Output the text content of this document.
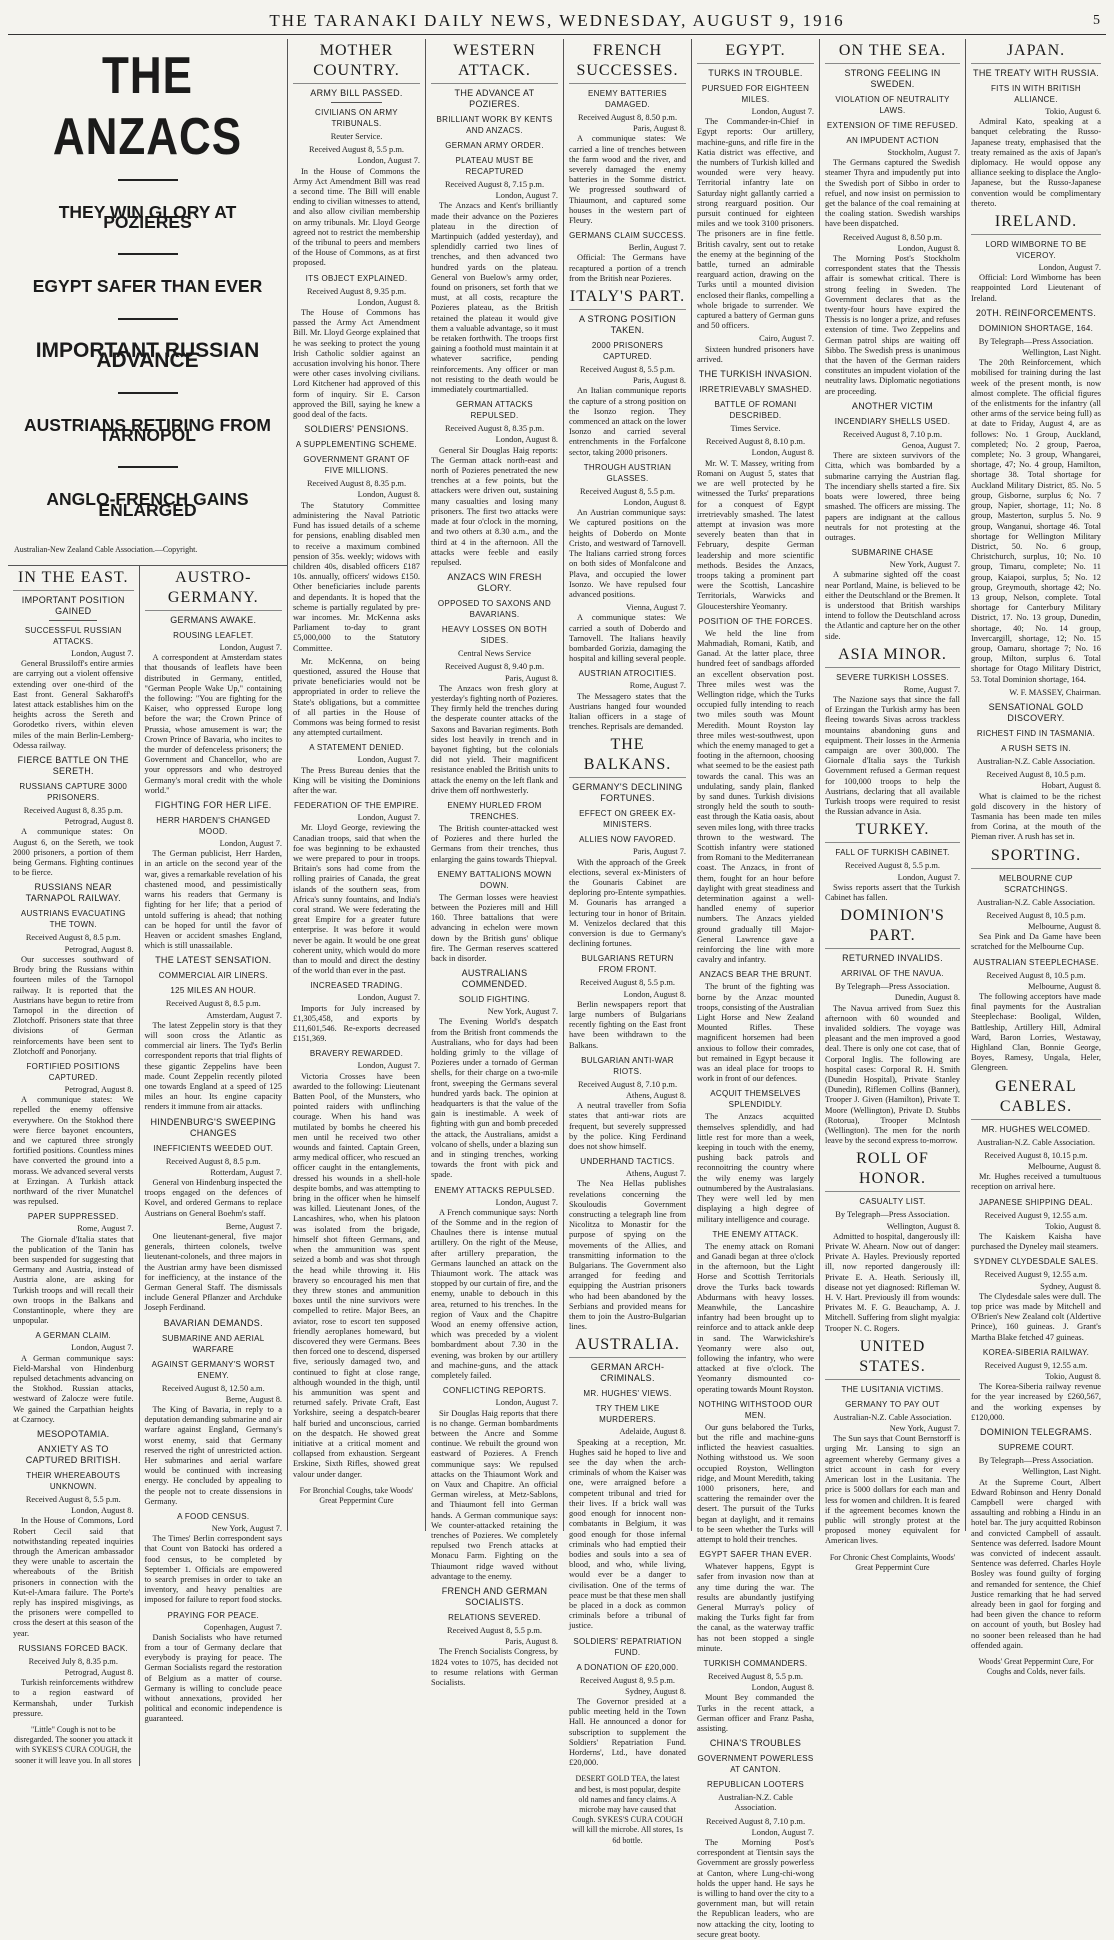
THE TARANAKI DAILY NEWS, WEDNESDAY, AUGUST 9, 1916	5
THE ANZACS
THEY WIN GLORY AT POZIERES
EGYPT SAFER THAN EVER
IMPORTANT RUSSIAN ADVANCE
AUSTRIANS RETIRING FROM TARNOPOL
ANGLO-FRENCH GAINS ENLARGED
Australian-New Zealand Cable Association.—Copyright.
IN THE EAST.
IMPORTANT POSITION GAINED
SUCCESSFUL RUSSIAN ATTACKS.
London, August 7.

General Brussiloff's entire armies are carrying out a violent offensive extending over one-third of the East front. General Sakharoff's latest attack establishes him on the heights across the Sereth and Gorodetko rivers, within eleven miles of the main Berlin-Lemberg-Odessa railway.

FIERCE BATTLE ON THE SERETH.
RUSSIANS CAPTURE 3000 PRISONERS.
Received August 8, 8.35 p.m.
Petrograd, August 8.

A communique states: On August 6, on the Sereth, we took 2000 prisoners, a portion of them being Germans. Fighting continues to be fierce.

RUSSIANS NEAR TARNAPOL RAILWAY.
AUSTRIANS EVACUATING THE TOWN.
Received August 8, 8.5 p.m.
Petrograd, August 8.

Our successes southward of Brody bring the Russians within fourteen miles of the Tarnopol railway. It is reported that the Austrians have begun to retire from Tarnopol in the direction of Zlotchoff. Prisoners state that three divisions of German reinforcements have been sent to Zlotchoff and Ponorjany.

FORTIFIED POSITIONS CAPTURED.
Petrograd, August 8.

A communique states: We repelled the enemy offensive everywhere. On the Stokhod there were fierce bayonet encounters, and we captured three strongly fortified positions. Countless mines have converted the ground into a morass. We advanced several versts at Erzingan. A Turkish attack northward of the river Munatchel was repulsed.

PAPER SUPPRESSED.
Rome, August 7.

The Giornale d'Italia states that the publication of the Tanin has been suspended for suggesting that Germany and Austria, instead of Austria alone, are asking for Turkish troops and will recall their own troops in the Balkans and Constantinople, where they are unpopular.

A GERMAN CLAIM.
London, August 7.

A German communique says: Field-Marshal von Hindenburg repulsed detachments advancing on the Stokhod. Russian attacks, westward of Zalocze were futile. We gained the Carpathian heights at Czarnocy.

MESOPOTAMIA.
ANXIETY AS TO CAPTURED BRITISH.
THEIR WHEREABOUTS UNKNOWN.
Received August 8, 5.5 p.m.
London, August 8.

In the House of Commons, Lord Robert Cecil said that notwithstanding repeated inquiries through the American ambassador they were unable to ascertain the whereabouts of the British prisoners in connection with the Kut-el-Amara failure. The Porte's reply has inspired misgivings, as the prisoners were compelled to cross the desert at this season of the year.

RUSSIANS FORCED BACK.
Received July 8, 8.35 p.m.
Petrograd, August 8.

Turkish reinforcements withdrew to a region eastward of Kermanshah, under Turkish pressure.

"Little" Cough is not to be disregarded. The sooner you attack it with SYKES'S CURA COUGH, the sooner it will leave you. In all stores
AUSTRO-GERMANY.
GERMANS AWAKE.
ROUSING LEAFLET.
London, August 7.

A correspondent at Amsterdam states that thousands of leaflets have been distributed in Germany, entitled, "German People Wake Up," containing the following: "You are fighting for the Kaiser, who oppressed Europe long before the war; the Crown Prince of Prussia, whose amusement is war; the Crown Prince of Bavaria, who incites to the murder of defenceless prisoners; the Government and Chancellor, who are your oppressors and who destroyed Germany's moral credit with the whole world."

FIGHTING FOR HER LIFE.
HERR HARDEN'S CHANGED MOOD.
London, August 7.

The German publicist, Herr Harden, in an article on the second year of the war, gives a remarkable revelation of his chastened mood, and pessimistically warns his readers that Germany is fighting for her life; that a period of untold suffering is ahead; that nothing can be hoped for until the favor of Heaven or accident smashes England, which is still unassailable.

THE LATEST SENSATION.
COMMERCIAL AIR LINERS.
125 MILES AN HOUR.
Received August 8, 8.5 p.m.
Amsterdam, August 7.

The latest Zeppelin story is that they will soon cross the Atlantic as commercial air liners. The Tyd's Berlin correspondent reports that trial flights of these gigantic Zeppelins have been made. Count Zeppelin recently piloted one towards England at a speed of 125 miles an hour. Its engine capacity renders it immune from air attacks.

HINDENBURG'S SWEEPING CHANGES
INEFFICIENTS WEEDED OUT.
Received August 8, 8.5 p.m.
Rotterdam, August 7.

General von Hindenburg inspected the troops engaged on the defences of Kovel, and ordered Germans to replace Austrians on General Boehm's staff.

Berne, August 7.

One lieutenant-general, five major generals, thirteen colonels, twelve lieutenant-colonels, and three majors in the Austrian army have been dismissed for inefficiency, at the instance of the German General Staff. The dismissals include General Pflanzer and Archduke Joseph Ferdinand.

BAVARIAN DEMANDS.
SUBMARINE AND AERIAL WARFARE
AGAINST GERMANY'S WORST ENEMY.
Received August 8, 12.50 a.m.
Berne, August 8.

The King of Bavaria, in reply to a deputation demanding submarine and air warfare against England, Germany's worst enemy, said that Germany reserved the right of unrestricted action. Her submarines and aerial warfare would be continued with increasing energy. He concluded by appealing to the people not to create dissensions in Germany.

A FOOD CENSUS.
New York, August 7.

The Times' Berlin correspondent says that Count von Batocki has ordered a food census, to be completed by September 1. Officials are empowered to search premises in order to take an inventory, and heavy penalties are imposed for failure to report food stocks.

PRAYING FOR PEACE.
Copenhagen, August 7.

Danish Socialists who have returned from a tour of Germany declare that everybody is praying for peace. The German Socialists regard the restoration of Belgium as a matter of course. Germany is willing to conclude peace without annexations, provided her political and economic independence is guaranteed.

MOTHER COUNTRY.
ARMY BILL PASSED.
CIVILIANS ON ARMY TRIBUNALS.
Reuter Service.
Received August 8, 5.5 p.m.
London, August 7.

In the House of Commons the Army Act Amendment Bill was read a second time. The Bill will enable ending to civilian witnesses to attend, and also allow civilian membership on army tribunals. Mr. Lloyd George agreed not to restrict the membership of the tribunal to peers and members of the House of Commons, as at first proposed.

ITS OBJECT EXPLAINED.
Received August 8, 9.35 p.m.
London, August 8.

The House of Commons has passed the Army Act Amendment Bill. Mr. Lloyd George explained that he was seeking to protect the young Irish Catholic soldier against an accusation involving his honor. There were other cases involving civilians. Lord Kitchener had approved of this form of inquiry. Sir E. Carson approved the Bill, saying he knew a good deal of the facts.

SOLDIERS' PENSIONS.
A SUPPLEMENTING SCHEME.
GOVERNMENT GRANT OF FIVE MILLIONS.
Received August 8, 8.35 p.m.
London, August 8.

The Statutory Committee administering the Naval Patriotic Fund has issued details of a scheme for pensions, enabling disabled men to receive a maximum combined pension of 35s. weekly; widows with children 40s, disabled officers £187 10s. annually, officers' widows £150. Other beneficiaries include parents and dependants. It is hoped that the scheme is partially regulated by pre-war incomes. Mr. McKenna asks Parliament to-day to grant £5,000,000 to the Statutory Committee.

Mr. McKenna, on being questioned, assured the House that private beneficiaries would not be appropriated in order to relieve the State's obligations, but a committee of all parties in the House of Commons was being formed to resist any attempted curtailment.

A STATEMENT DENIED.
London, August 7.

The Press Bureau denies that the King will be visiting the Dominions after the war.

FEDERATION OF THE EMPIRE.
London, August 7.

Mr. Lloyd George, reviewing the Canadian troops, said that when the foe was beginning to be exhausted we were prepared to pour in troops. Britain's sons had come from the rolling prairies of Canada, the great islands of the southern seas, from Africa's sunny fountains, and India's coral strand. We were federating the great Empire for a greater future enterprise. It was before it would never be again. It would be one great coherent unity, which would do more than to mould and direct the destiny of the world than ever in the past.

INCREASED TRADING.
London, August 7.

Imports for July increased by £1,305,458, and exports by £11,601,546. Re-exports decreased £151,369.

BRAVERY REWARDED.
London, August 7.

Victoria Crosses have been awarded to the following: Lieutenant Batten Pool, of the Munsters, who pointed raiders with unflinching courage. When his hand was mutilated by bombs he cheered his men until he received two other wounds and fainted. Captain Green, army medical officer, who rescued an officer caught in the entanglements, dressed his wounds in a shell-hole despite bombs, and was attempting to bring in the officer when he himself was killed. Lieutenant Jones, of the Lancashires, who, when his platoon was isolated from the brigade, himself shot fifteen Germans, and when the ammunition was spent seized a bomb and was shot through the head while throwing it. His bravery so encouraged his men that they threw stones and ammunition boxes until the nine survivors were compelled to retire. Major Bees, an aviator, rose to escort ten supposed friendly aeroplanes homeward, but discovered they were Germans. Bees then forced one to descend, dispersed five, seriously damaged two, and continued to fight at close range, although wounded in the thigh, until his ammunition was spent and returned safely. Private Craft, East Yorkshire, seeing a despatch-bearer half buried and unconscious, carried on the despatch. He showed great initiative at a critical moment and collapsed from exhaustion. Sergeant Erskine, Sixth Rifles, showed great valour under danger.

For Bronchial Coughs, take Woods' Great Peppermint Cure
WESTERN ATTACK.
THE ADVANCE AT POZIERES.
BRILLIANT WORK BY KENTS AND ANZACS.
GERMAN ARMY ORDER.
PLATEAU MUST BE RECAPTURED
Received August 8, 7.15 p.m.
London, August 7.

The Anzacs and Kent's brilliantly made their advance on the Pozieres plateau in the direction of Martinpuich (added yesterday), and splendidly carried two lines of trenches, and then advanced two hundred yards on the plateau. General von Buelow's army order, found on prisoners, set forth that we must, at all costs, recapture the Pozieres plateau, as the British retained the plateau it would give them a valuable advantage, so it must be retaken forthwith. The troops first gaining a foothold must maintain it at whatever sacrifice, pending reinforcements. Any officer or man not resisting to the death would be immediately courtmartialled.

GERMAN ATTACKS REPULSED.
Received August 8, 8.35 p.m.
London, August 8.

General Sir Douglas Haig reports: The German attack north-east and north of Pozieres penetrated the new trenches at a few points, but the attackers were driven out, sustaining many casualties and losing many prisoners. The first two attacks were made at four o'clock in the morning, and two others at 8.30 a.m., and the third at 4 in the afternoon. All the attacks were feeble and easily repulsed.

ANZACS WIN FRESH GLORY.
OPPOSED TO SAXONS AND BAVARIANS.
HEAVY LOSSES ON BOTH SIDES.
Central News Service
Received August 8, 9.40 p.m.
Paris, August 8.

The Anzacs won fresh glory at yesterday's fighting north of Pozieres. They firmly held the trenches during the desperate counter attacks of the Saxons and Bavarian regiments. Both sides lost heavily in trench and in bayonet fighting, but the colonials did not yield. Their magnificent resistance enabled the British units to attack the enemy on the left flank and drive them off northwesterly.

ENEMY HURLED FROM TRENCHES.

The British counter-attacked west of Pozieres and there hurled the Germans from their trenches, thus enlarging the gains towards Thiepval.

ENEMY BATTALIONS MOWN DOWN.

The German losses were heaviest between the Pozieres mill and Hill 160. Three battalions that were advancing in echelon were mown down by the British guns' oblique fire. The German reserves scattered back in disorder.

AUSTRALIANS COMMENDED.
SOLID FIGHTING.
New York, August 7.

The Evening World's despatch from the British front commends the Australians, who for days had been holding grimly to the village of Pozieres under a tornado of German shells, for their charge on a two-mile front, sweeping the Germans several hundred yards back. The opinion at headquarters is that the value of the gain is inestimable. A week of fighting with gun and bomb preceded the attack, the Australians, amidst a volcano of shells, under a blazing sun and in stinging trenches, working towards the front with pick and spade.

ENEMY ATTACKS REPULSED.
London, August 7.

A French communique says: North of the Somme and in the region of Chaulnes there is intense mutual artillery. On the right of the Meuse, after artillery preparation, the Germans launched an attack on the Thiaumont work. The attack was stopped by our curtain of fire, and the enemy, unable to debouch in this area, returned to his trenches. In the region of Vaux and the Chapitre Wood an enemy offensive action, which was preceded by a violent bombardment about 7.30 in the evening, was broken by our artillery and machine-guns, and the attack completely failed.

CONFLICTING REPORTS.
London, August 7.

Sir Douglas Haig reports that there is no change. German bombardments between the Ancre and Somme continue. We rebuilt the ground won eastward of Pozieres. A French communique says: We repulsed attacks on the Thiaumont Work and on Vaux and Chapitre. An official German wireless, at Metz-Sablons, and Thiaumont fell into German hands. A German communique says: We counter-attacked retaining the trenches of Pozieres. We completely repulsed two French attacks at Monacu Farm. Fighting on the Thiaumont ridge waved without advantage to the enemy.

FRENCH AND GERMAN SOCIALISTS.
RELATIONS SEVERED.
Received August 8, 5.5 p.m.
Paris, August 8.

The French Socialists Congress, by 1824 votes to 1075, has decided not to resume relations with German Socialists.

FRENCH SUCCESSES.
ENEMY BATTERIES DAMAGED.
Received August 8, 8.50 p.m.
Paris, August 8.

A communique states: We carried a line of trenches between the farm wood and the river, and severely damaged the enemy batteries in the Somme district. We progressed southward of Thiaumont, and captured some houses in the western part of Fleury.

GERMANS CLAIM SUCCESS.
Berlin, August 7.

Official: The Germans have recaptured a portion of a trench from the British near Pozieres.

ITALY'S PART.
A STRONG POSITION TAKEN.
2000 PRISONERS CAPTURED.
Received August 8, 5.5 p.m.
Paris, August 8.

An Italian communique reports the capture of a strong position on the Isonzo region. They commenced an attack on the lower Isonzo and carried several entrenchments in the Forfalcone sector, taking 2000 prisoners.

THROUGH AUSTRIAN GLASSES.
Received August 8, 5.5 p.m.
London, August 8.

An Austrian communique says: We captured positions on the heights of Doberdo on Monte Cristo, and westward of Tarnovell. The Italians carried strong forces on both sides of Monfalcone and Plava, and occupied the lower Isonzo. We have repulsed four advanced positions.

Vienna, August 7.

A communique states: We carried a south of Doberdo and Tarnovell. The Italians heavily bombarded Gorizia, damaging the hospital and killing several people.

AUSTRIAN ATROCITIES.
Rome, August 7.

The Messagero states that the Austrians hanged four wounded Italian officers in a stage of trenches. Reprisals are demanded.

THE BALKANS.
GERMANY'S DECLINING FORTUNES.
EFFECT ON GREEK EX-MINISTERS.
ALLIES NOW FAVORED.
Paris, August 7.

With the approach of the Greek elections, several ex-Ministers of the Gounaris Cabinet are deploring pro-Entente sympathies. M. Gounaris has arranged a lecturing tour in honor of Britain. M. Venizelos declared that this conversion is due to Germany's declining fortunes.

BULGARIANS RETURN FROM FRONT.
Received August 8, 5.5 p.m.
London, August 8.

Berlin newspapers report that large numbers of Bulgarians recently fighting on the East front have been withdrawn to the Balkans.

BULGARIAN ANTI-WAR RIOTS.
Received August 8, 7.10 p.m.
Athens, August 8.

A neutral traveller from Sofia states that anti-war riots are frequent, but severely suppressed by the police. King Ferdinand does not show himself.

UNDERHAND TACTICS.
Athens, August 7.

The Nea Hellas publishes revelations concerning the Skouloudis Government constructing a telegraph line from Nicolitza to Monastir for the purpose of spying on the movements of the Allies, and transmitting information to the Bulgarians. The Government also arranged for feeding and equipping the Austrian prisoners who had been abandoned by the Serbians and provided means for them to join the Austro-Bulgarian lines.

AUSTRALIA.
GERMAN ARCH-CRIMINALS.
MR. HUGHES' VIEWS.
TRY THEM LIKE MURDERERS.
Adelaide, August 8.

Speaking at a reception, Mr. Hughes said he hoped to live and see the day when the arch-criminals of whom the Kaiser was one, were arraigned before a competent tribunal and tried for their lives. If a brick wall was good enough for innocent non-combatants in Belgium, it was good enough for those infernal criminals who had emptied their bodies and souls into a sea of blood, and who, while living, would ever be a danger to civilisation. One of the terms of peace must be that these men shall be placed in a dock as common criminals before a tribunal of justice.

SOLDIERS' REPATRIATION FUND.
A DONATION OF £20,000.
Received August 8, 9.5 p.m.
Sydney, August 8.

The Governor presided at a public meeting held in the Town Hall. He announced a donor for subscription to supplement the Soldiers' Repatriation Fund. Horderns', Ltd., have donated £20,000.

DESERT GOLD TEA, the latest and best, is most popular, despite old names and fancy claims. A microbe may have caused that Cough. SYKES'S CURA COUGH will kill the microbe. All stores, 1s 6d bottle.
EGYPT.
TURKS IN TROUBLE.
PURSUED FOR EIGHTEEN MILES.
London, August 7.

The Commander-in-Chief in Egypt reports: Our artillery, machine-guns, and rifle fire in the Katia district was effective, and the numbers of Turkish killed and wounded were very heavy. Territorial infantry late on Saturday night gallantly carried a strong rearguard position. Our pursuit continued for eighteen miles and we took 3100 prisoners. The prisoners are in fine fettle. British cavalry, sent out to retake the enemy at the beginning of the battle, turned an admirable rearguard action, drawing on the Turks until a mounted division enclosed their flanks, compelling a whole brigade to surrender. We captured a battery of German guns and 50 officers.

Cairo, August 7.

Sixteen hundred prisoners have arrived.

THE TURKISH INVASION.
IRRETRIEVABLY SMASHED.
BATTLE OF ROMANI DESCRIBED.
Times Service.
Received August 8, 8.10 p.m.
London, August 8.

Mr. W. T. Massey, writing from Romani on August 5, states that we are well protected by he witnessed the Turks' preparations for a conquest of Egypt irretrievably smashed. The latest attempt at invasion was more severely beaten than that in February, despite German leadership and more scientific methods. Besides the Anzacs, troops taking a prominent part were the Scottish, Lancashire Territorials, Warwicks and Gloucestershire Yeomanry.

POSITION OF THE FORCES.

We held the line from Mahmadiah, Romani, Katib, and Ganad. At the latter place, three hundred feet of sandbags afforded an excellent observation post. Three miles west was the Wellington ridge, which the Turks occupied fully intending to reach two miles south was Mount Meredith. Mount Royston lay three miles west-southwest, upon which the enemy managed to get a footing in the afternoon, choosing what seemed to be the easiest path towards the canal. This was an undulating, sandy plain, flanked by sand dunes. Turkish divisions strongly held the south to south-east through the Katia oasis, about seven miles long, with three tracks thrown to the westward. The Scottish infantry were stationed from Romani to the Mediterranean coast. The Anzacs, in front of them, fought for an hour before daylight with great steadiness and determination against a well-handled enemy of superior numbers. The Anzacs yielded ground gradually till Major-General Lawrence gave a reinforcing the line with more cavalry and infantry.

ANZACS BEAR THE BRUNT.

The brunt of the fighting was borne by the Anzac mounted troops, consisting of the Australian Light Horse and New Zealand Mounted Rifles. These magnificent horsemen had been anxious to follow their comrades, but remained in Egypt because it was an ideal place for troops to work in front of our defences.

ACQUIT THEMSELVES SPLENDIDLY.

The Anzacs acquitted themselves splendidly, and had little rest for more than a week, keeping in touch with the enemy, pushing back patrols and reconnoitring the country where the wily enemy was largely outnumbered by the Australasians. They were well led by men displaying a high degree of military intelligence and courage.

THE ENEMY ATTACK.

The enemy attack on Romani and Ganadi began at three o'clock in the afternoon, but the Light Horse and Scottish Territorials drove the Turks back towards Abdurmans with heavy losses. Meanwhile, the Lancashire infantry had been brought up to reinforce and to attack ankle deep in sand. The Warwickshire's Yeomanry were also out, following the infantry, who were attacked at five o'clock. The Yeomanry dismounted co-operating towards Mount Royston.

NOTHING WITHSTOOD OUR MEN.

Our guns belabored the Turks, but the rifle and machine-guns inflicted the heaviest casualties. Nothing withstood us. We soon occupied Royston, Wellington ridge, and Mount Meredith, taking 1000 prisoners, here, and scattering the remainder over the desert. The pursuit of the Turks began at daylight, and it remains to be seen whether the Turks will attempt to hold their trenches.

EGYPT SAFER THAN EVER.

Whatever happens, Egypt is safer from invasion now than at any time during the war. The results are abundantly justifying General Murray's policy of making the Turks fight far from the canal, as the waterway traffic has not been stopped a single minute.

TURKISH COMMANDERS.
Received August 8, 5.5 p.m.
London, August 8.

Mount Bey commanded the Turks in the recent attack, a German officer and Franz Pasha, assisting.

CHINA'S TROUBLES
GOVERNMENT POWERLESS AT CANTON.
REPUBLICAN LOOTERS
Australian-N.Z. Cable Association.
Received August 8, 7.10 p.m.
London, August 7.

The Morning Post's correspondent at Tientsin says the Government are grossly powerless at Canton, where Lung-chi-wong holds the upper hand. He says he is willing to hand over the city to a government man, but will retain the Republican leaders, who are now attacking the city, looting to secure great booty.

ON THE SEA.
STRONG FEELING IN SWEDEN.
VIOLATION OF NEUTRALITY LAWS.
EXTENSION OF TIME REFUSED.
AN IMPUDENT ACTION
Stockholm, August 7.

The Germans captured the Swedish steamer Thyra and impudently put into the Swedish port of Sibbo in order to refuel, and now insist on permission to get the balance of the coal remaining at the coaling station. Swedish warships have been dispatched.

Received August 8, 8.50 p.m.
London, August 8.

The Morning Post's Stockholm correspondent states that the Thessis affair is somewhat critical. There is strong feeling in Sweden. The Government declares that as the twenty-four hours have expired the Thessis is no longer a prize, and refuses extension of time. Two Zeppelins and German patrol ships are waiting off Sibbo. The Swedish press is unanimous that the haven of the German raiders constitutes an impudent violation of the neutrality laws. Diplomatic negotiations are proceeding.

ANOTHER VICTIM
INCENDIARY SHELLS USED.
Received August 8, 7.10 p.m.
Genoa, August 7.

There are sixteen survivors of the Citta, which was bombarded by a submarine carrying the Austrian flag. The incendiary shells started a fire. Six boats were lowered, three being smashed. The officers are missing. The papers are indignant at the callous neutrals for not protesting at the outrages.

SUBMARINE CHASE
New York, August 7.

A submarine sighted off the coast near Portland, Maine, is believed to be either the Deutschland or the Bremen. It is understood that British warships intend to follow the Deutschland across the Atlantic and capture her on the other side.

ASIA MINOR.
SEVERE TURKISH LOSSES.
Rome, August 7.

The Nazione says that since the fall of Erzingan the Turkish army has been fleeing towards Sivas across trackless mountains abandoning guns and equipment. Their losses in the Armenia campaign are over 300,000. The Giornale d'Italia says the Turkish Government refused a German request for 100,000 troops to help the Austrians, declaring that all available Turkish troops were required to resist the Russian advance in Asia.

TURKEY.
FALL OF TURKISH CABINET.
Received August 8, 5.5 p.m.
London, August 7.

Swiss reports assert that the Turkish Cabinet has fallen.

DOMINION'S PART.
RETURNED INVALIDS.
ARRIVAL OF THE NAVUA.
By Telegraph—Press Association.
Dunedin, August 8.

The Navua arrived from Suez this afternoon with 60 wounded and invalided soldiers. The voyage was pleasant and the men improved a good deal. There is only one cot case, that of Corporal Inglis. The following are hospital cases: Corporal R. H. Smith (Dunedin Hospital), Private Stanley (Dunedin), Riflemen Collins (Banner), Trooper J. Given (Hamilton), Private T. Moore (Wellington), Private D. Stubbs (Rotorua), Trooper McIntosh (Wellington). The men for the north leave by the second express to-morrow.

ROLL OF HONOR.
CASUALTY LIST.
By Telegraph—Press Association.
Wellington, August 8.

Admitted to hospital, dangerously ill: Private W. Ahearn. Now out of danger: Private A. Hayles. Previously reported ill, now reported dangerously ill: Private E. A. Heath. Seriously ill, disease not yet diagnosed: Rifleman W. H. V. Hart. Previously ill from wounds: Privates M. F. G. Beauchamp, A. J. Mitchell. Suffering from slight myalgia: Trooper N. C. Rogers.

UNITED STATES.
THE LUSITANIA VICTIMS.
GERMANY TO PAY OUT
Australian-N.Z. Cable Association.
New York, August 7.

The Sun says that Count Bernstorff is urging Mr. Lansing to sign an agreement whereby Germany gives a strict account in cash for every American lost in the Lusitania. The price is 5000 dollars for each man and less for women and children. It is feared if the agreement becomes known the public will strongly protest at the proposed money equivalent for American lives.

For Chronic Chest Complaints, Woods' Great Peppermint Cure
JAPAN.
THE TREATY WITH RUSSIA.
FITS IN WITH BRITISH ALLIANCE.
Tokio, August 6.

Admiral Kato, speaking at a banquet celebrating the Russo-Japanese treaty, emphasised that the treaty remained as the axis of Japan's diplomacy. He would oppose any alliance seeking to displace the Anglo-Japanese, but the Russo-Japanese convention would be complimentary thereto.

IRELAND.
LORD WIMBORNE TO BE VICEROY.
London, August 7.

Official: Lord Wimborne has been reappointed Lord Lieutenant of Ireland.

20TH. REINFORCEMENTS.
DOMINION SHORTAGE, 164.
By Telegraph—Press Association.
Wellington, Last Night.

The 20th Reinforcement, which mobilised for training during the last week of the present month, is now almost complete. The official figures of the enlistments for the infantry (all other arms of the service being full) as at date to Friday, August 4, are as follows: No. 1 Group, Auckland, completed; No. 2 group, Paeroa, complete; No. 3 group, Whangarei, shortage, 47; No. 4 group, Hamilton, shortage 38. Total shortage for Auckland Military District, 85. No. 5 group, Gisborne, surplus 6; No. 7 group, Napier, shortage, 11; No. 8 group, Masterton, surplus 5. No. 9 group, Wanganui, shortage 46. Total shortage for Wellington Military District, 50. No. 6 group, Christchurch, surplus, 10; No. 10 group, Timaru, complete; No. 11 group, Kaiapoi, surplus, 5; No. 12 group, Greymouth, shortage 42; No. 13 group, Nelson, complete. Total shortage for Canterbury Military District, 17. No. 13 group, Dunedin, shortage, 40; No. 14 group, Invercargill, shortage, 12; No. 15 group, Oamaru, shortage 7; No. 16 group, Milton, surplus 6. Total shortage for Otago Military District, 53. Total Dominion shortage, 164.

W. F. MASSEY, Chairman.
SENSATIONAL GOLD DISCOVERY.
RICHEST FIND IN TASMANIA.
A RUSH SETS IN.
Australian-N.Z. Cable Association.
Received August 8, 10.5 p.m.
Hobart, August 8.

What is claimed to be the richest gold discovery in the history of Tasmania has been made ten miles from Corina, at the mouth of the Pieman river. A rush has set in.

SPORTING.
MELBOURNE CUP SCRATCHINGS.
Australian-N.Z. Cable Association.
Received August 8, 10.5 p.m.
Melbourne, August 8.

Sea Pink and Da Game have been scratched for the Melbourne Cup.

AUSTRALIAN STEEPLECHASE.
Received August 8, 10.5 p.m.
Melbourne, August 8.

The following acceptors have made final payments for the Australian Steeplechase: Booligal, Wilden, Battleship, Artillery Hill, Admiral Ward, Baron Lorries, Westaway, Highland Clan, Bonnie George, Boyes, Ramesy, Ungala, Heler, Glengreen.

GENERAL CABLES.
MR. HUGHES WELCOMED.
Australian-N.Z. Cable Association.
Received August 8, 10.15 p.m.
Melbourne, August 8.

Mr. Hughes received a tumultuous reception on arrival here.

JAPANESE SHIPPING DEAL.
Received August 9, 12.55 a.m.
Tokio, August 8.

The Kaiskem Kaisha have purchased the Dyneley mail steamers.

SYDNEY CLYDESDALE SALES.
Received August 9, 12.55 a.m.
Sydney, August 8.

The Clydesdale sales were dull. The top price was made by Mitchell and O'Brien's New Zealand colt (Aldertive Prince), 160 guineas. J. Grant's Martha Blake fetched 47 guineas.

KOREA-SIBERIA RAILWAY.
Received August 9, 12.55 a.m.
Tokio, August 8.

The Korea-Siberia railway revenue for the year increased by £260,567, and the working expenses by £120,000.

DOMINION TELEGRAMS.
SUPREME COURT.
By Telegraph—Press Association.
Wellington, Last Night.

At the Supreme Court, Albert Edward Robinson and Henry Donald Campbell were charged with assaulting and robbing a Hindu in an hotel bar. The jury acquitted Robinson and convicted Campbell of assault. Sentence was deferred. Isadore Mount was convicted of indecent assault. Sentence was deferred. Charles Hoyle Bosley was found guilty of forging and remanded for sentence, the Chief Justice remarking that he had served already been in gaol for forging and had been given the chance to reform on account of youth, but Bosley had no sooner been released than he had offended again.

Woods' Great Peppermint Cure, For Coughs and Colds, never fails.
